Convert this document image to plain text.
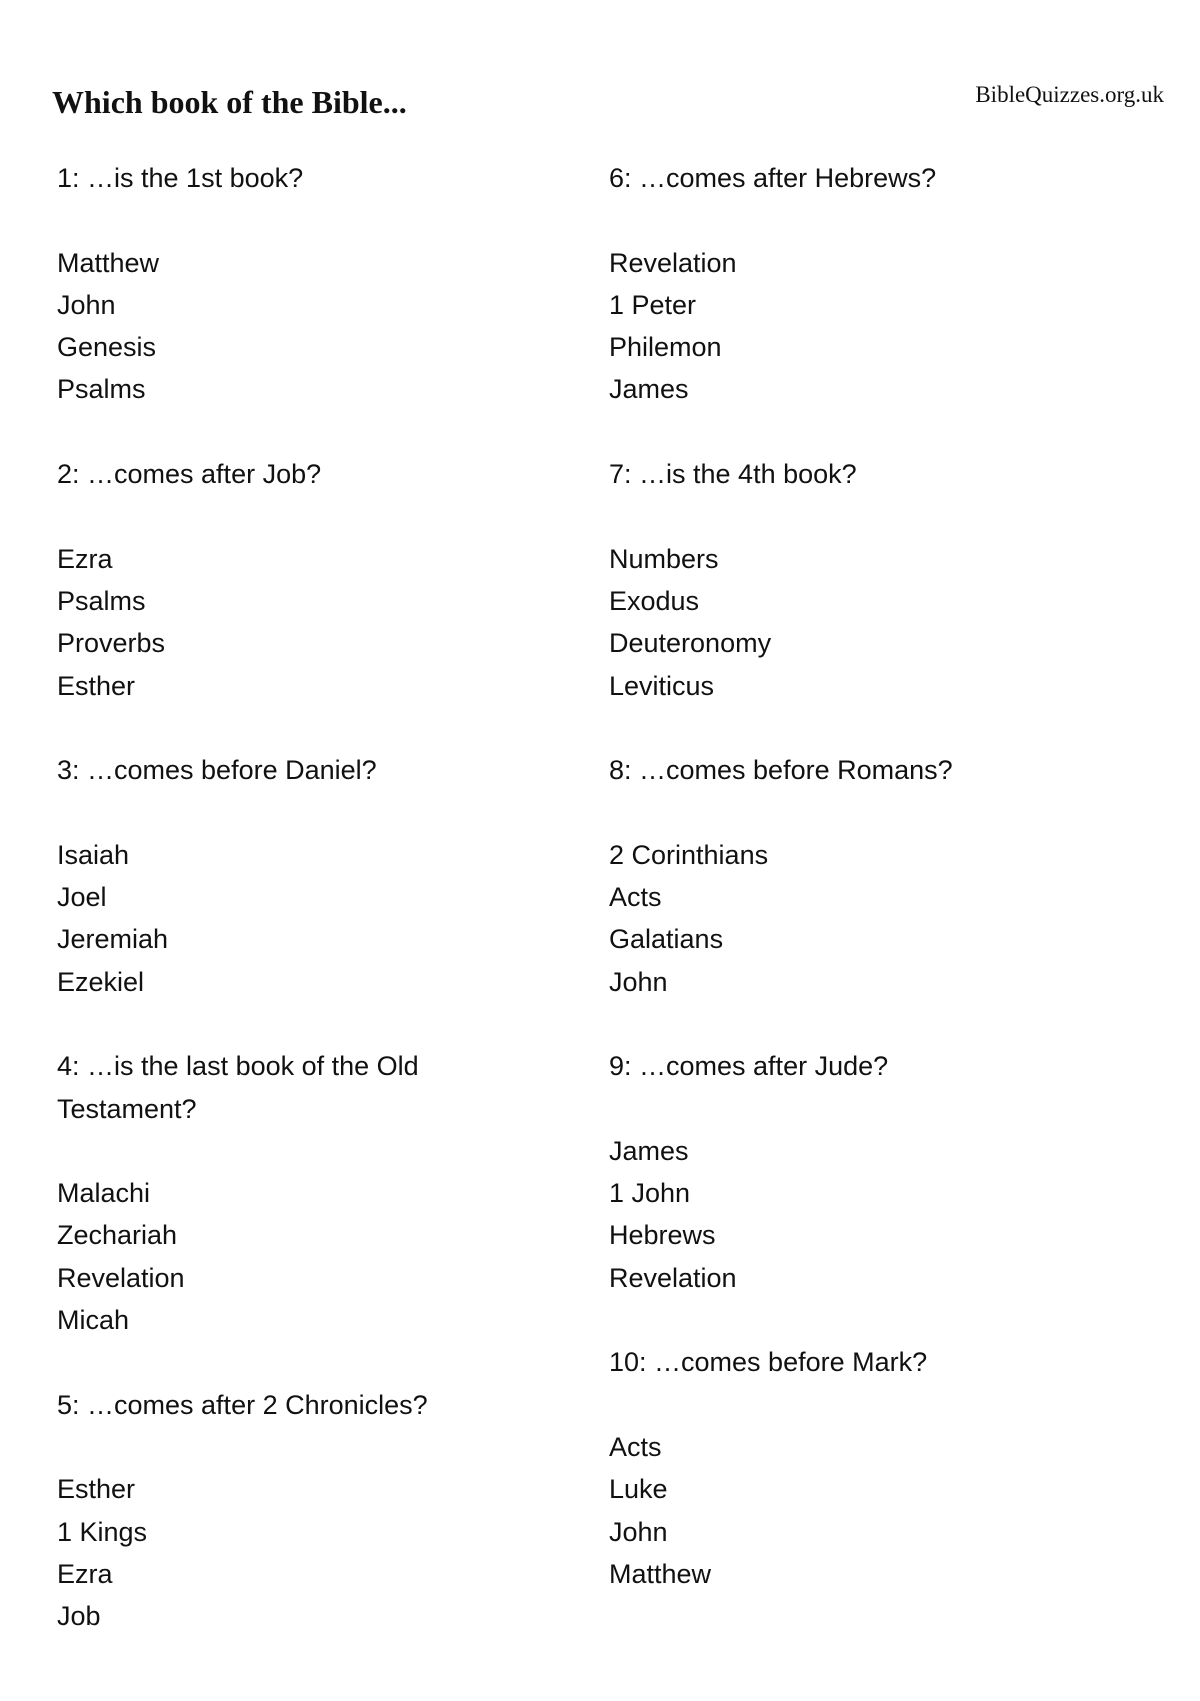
Which book of the Bible...	BibleQuizzes.org.uk
1: …is the 1st book?
Matthew
John
Genesis
Psalms
2: …comes after Job?
Ezra
Psalms
Proverbs
Esther
3: …comes before Daniel?
Isaiah
Joel
Jeremiah
Ezekiel
4: …is the last book of the Old Testament?
Malachi
Zechariah
Revelation
Micah
5: …comes after 2 Chronicles?
Esther
1 Kings
Ezra
Job
6: …comes after Hebrews?
Revelation
1 Peter
Philemon
James
7: …is the 4th book?
Numbers
Exodus
Deuteronomy
Leviticus
8: …comes before Romans?
2 Corinthians
Acts
Galatians
John
9: …comes after Jude?
James
1 John
Hebrews
Revelation
10: …comes before Mark?
Acts
Luke
John
Matthew
